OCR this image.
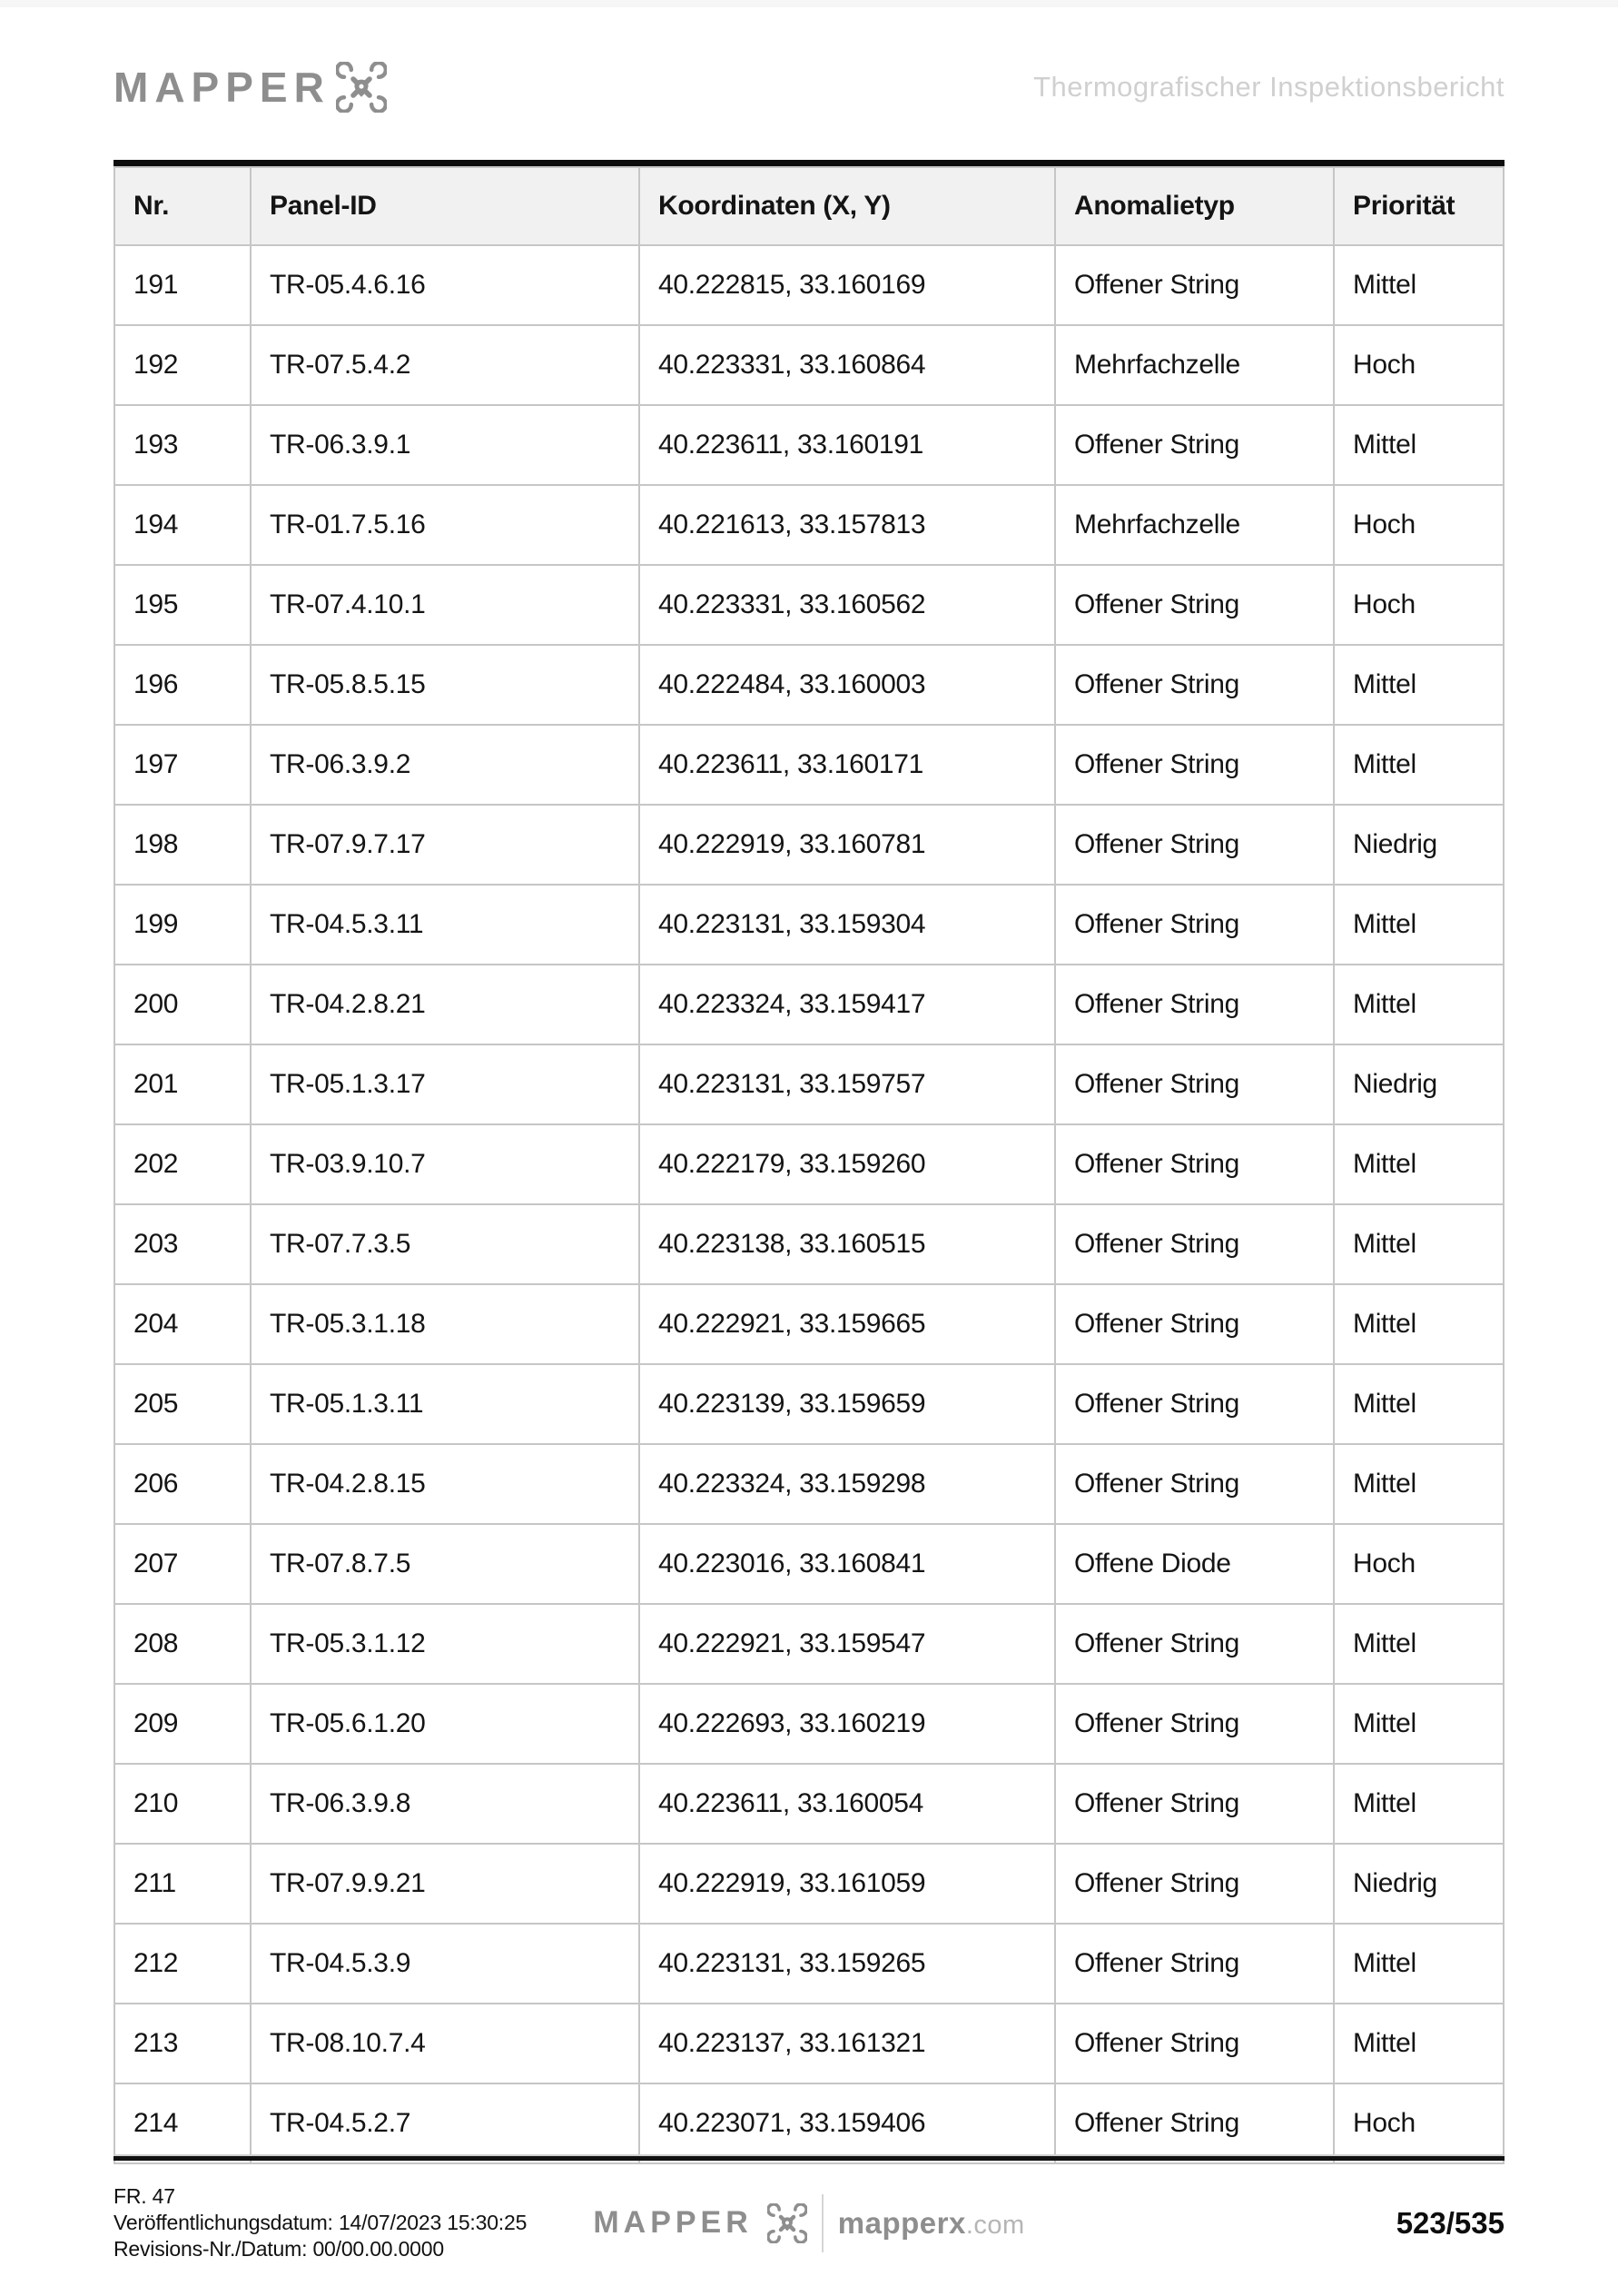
MAPPER	Thermografischer Inspektionsbericht
Nr.	Panel-ID	Koordinaten (X, Y)	Anomalietyp	Priorität
191	TR-05.4.6.16	40.222815, 33.160169	Offener String	Mittel
192	TR-07.5.4.2	40.223331, 33.160864	Mehrfachzelle	Hoch
193	TR-06.3.9.1	40.223611, 33.160191	Offener String	Mittel
194	TR-01.7.5.16	40.221613, 33.157813	Mehrfachzelle	Hoch
195	TR-07.4.10.1	40.223331, 33.160562	Offener String	Hoch
196	TR-05.8.5.15	40.222484, 33.160003	Offener String	Mittel
197	TR-06.3.9.2	40.223611, 33.160171	Offener String	Mittel
198	TR-07.9.7.17	40.222919, 33.160781	Offener String	Niedrig
199	TR-04.5.3.11	40.223131, 33.159304	Offener String	Mittel
200	TR-04.2.8.21	40.223324, 33.159417	Offener String	Mittel
201	TR-05.1.3.17	40.223131, 33.159757	Offener String	Niedrig
202	TR-03.9.10.7	40.222179, 33.159260	Offener String	Mittel
203	TR-07.7.3.5	40.223138, 33.160515	Offener String	Mittel
204	TR-05.3.1.18	40.222921, 33.159665	Offener String	Mittel
205	TR-05.1.3.11	40.223139, 33.159659	Offener String	Mittel
206	TR-04.2.8.15	40.223324, 33.159298	Offener String	Mittel
207	TR-07.8.7.5	40.223016, 33.160841	Offene Diode	Hoch
208	TR-05.3.1.12	40.222921, 33.159547	Offener String	Mittel
209	TR-05.6.1.20	40.222693, 33.160219	Offener String	Mittel
210	TR-06.3.9.8	40.223611, 33.160054	Offener String	Mittel
211	TR-07.9.9.21	40.222919, 33.161059	Offener String	Niedrig
212	TR-04.5.3.9	40.223131, 33.159265	Offener String	Mittel
213	TR-08.10.7.4	40.223137, 33.161321	Offener String	Mittel
214	TR-04.5.2.7	40.223071, 33.159406	Offener String	Hoch
FR. 47
Veröffentlichungsdatum: 14/07/2023 15:30:25
Revisions-Nr./Datum: 00/00.00.0000
MAPPER	mapperx.com	523/535
